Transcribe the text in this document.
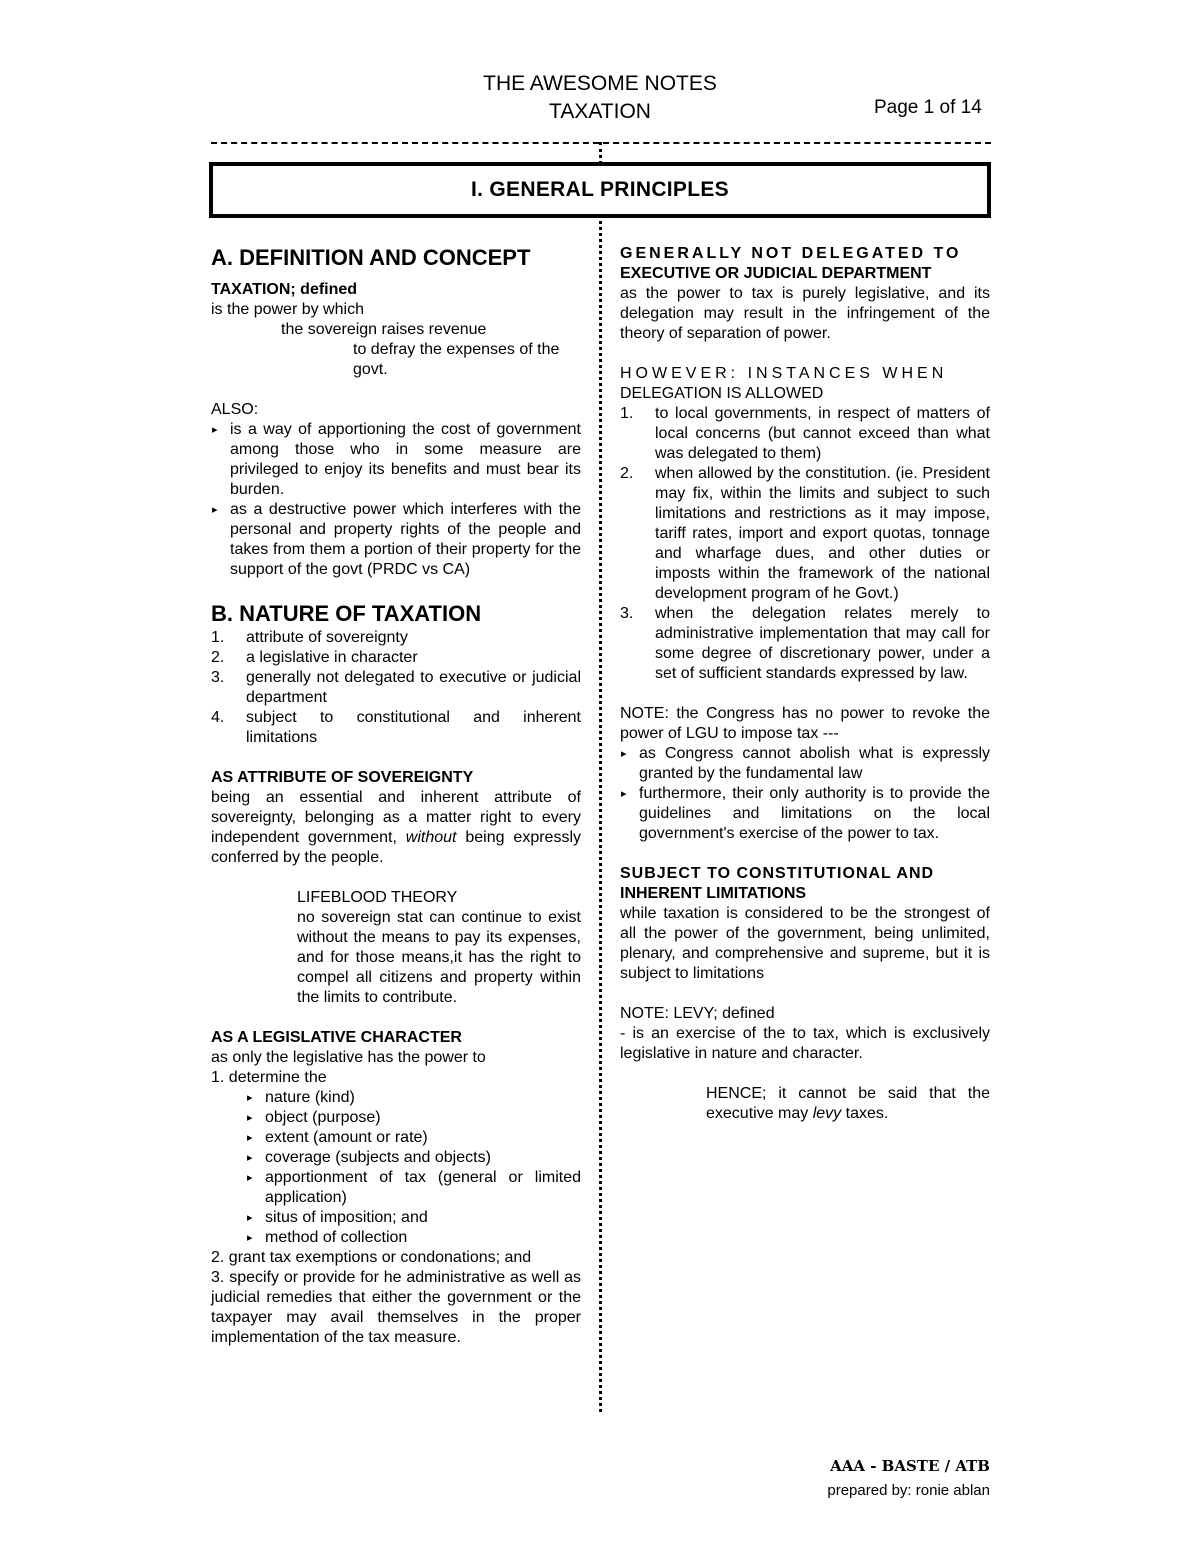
THE AWESOME NOTES
TAXATION	Page 1 of 14
I. GENERAL PRINCIPLES
A. DEFINITION AND CONCEPT
TAXATION; defined
is the power by which
the sovereign raises revenue
to defray the expenses of the govt.
ALSO:
▸ is a way of apportioning the cost of government among those who in some measure are privileged to enjoy its benefits and must bear its burden.
▸ as a destructive power which interferes with the personal and property rights of the people and takes from them a portion of their property for the support of the govt (PRDC vs CA)
B. NATURE OF TAXATION
1. attribute of sovereignty
2. a legislative in character
3. generally not delegated to executive or judicial department
4. subject to constitutional and inherent limitations
AS ATTRIBUTE OF SOVEREIGNTY
being an essential and inherent attribute of sovereignty, belonging as a matter right to every independent government, without being expressly conferred by the people.
LIFEBLOOD THEORY
no sovereign stat can continue to exist without the means to pay its expenses, and for those means,it has the right to compel all citizens and property within the limits to contribute.
AS A LEGISLATIVE CHARACTER
as only the legislative has the power to
1. determine the
▸ nature (kind)
▸ object (purpose)
▸ extent (amount or rate)
▸ coverage (subjects and objects)
▸ apportionment of tax (general or limited application)
▸ situs of imposition; and
▸ method of collection
2. grant tax exemptions or condonations; and
3. specify or provide for he administrative as well as judicial remedies that either the government or the taxpayer may avail themselves in the proper implementation of the tax measure.
GENERALLY NOT DELEGATED TO
EXECUTIVE OR JUDICIAL DEPARTMENT
as the power to tax is purely legislative, and its delegation may result in the infringement of the theory of separation of power.
HOWEVER: INSTANCES WHEN
DELEGATION IS ALLOWED
1. to local governments, in respect of matters of local concerns (but cannot exceed than what was delegated to them)
2. when allowed by the constitution. (ie. President may fix, within the limits and subject to such limitations and restrictions as it may impose, tariff rates, import and export quotas, tonnage and wharfage dues, and other duties or imposts within the framework of the national development program of he Govt.)
3. when the delegation relates merely to administrative implementation that may call for some degree of discretionary power, under a set of sufficient standards expressed by law.
NOTE: the Congress has no power to revoke the power of LGU to impose tax ---
▸ as Congress cannot abolish what is expressly granted by the fundamental law
▸ furthermore, their only authority is to provide the guidelines and limitations on the local government's exercise of the power to tax.
SUBJECT TO CONSTITUTIONAL AND
INHERENT LIMITATIONS
while taxation is considered to be the strongest of all the power of the government, being unlimited, plenary, and comprehensive and supreme, but it is subject to limitations
NOTE: LEVY; defined
- is an exercise of the to tax, which is exclusively legislative in nature and character.
HENCE; it cannot be said that the executive may levy taxes.
AAA - BASTE / ATB
prepared by: ronie ablan
